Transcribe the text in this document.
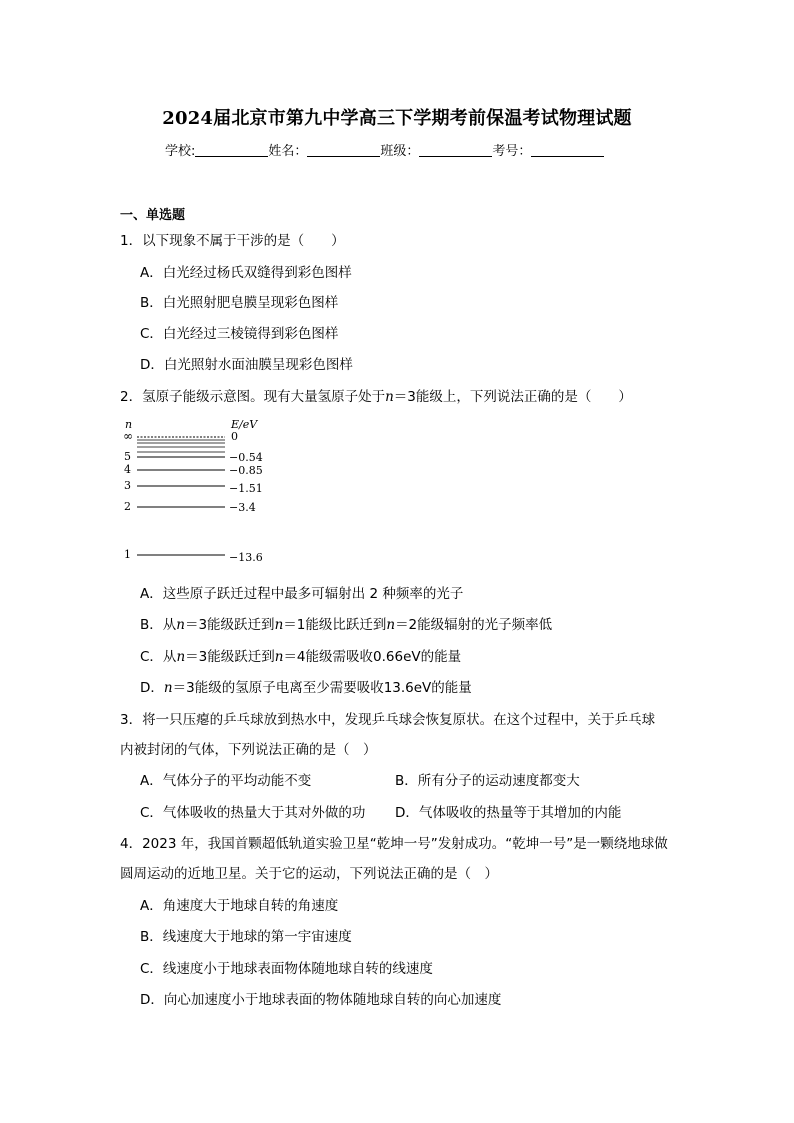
2024届北京市第九中学高三下学期考前保温考试物理试题
学校:	姓名：	班级：	考号：
一、单选题
1．以下现象不属于干涉的是（　　）
A．白光经过杨氏双缝得到彩色图样
B．白光照射肥皂膜呈现彩色图样
C．白光经过三棱镜得到彩色图样
D．白光照射水面油膜呈现彩色图样
2．氢原子能级示意图。现有大量氢原子处于n＝3能级上，下列说法正确的是（　　）
n	E/eV
∞	0
5	−0.54
4	−0.85
3	−1.51
2	−3.4
1	−13.6
A．这些原子跃迁过程中最多可辐射出 2 种频率的光子
B．从n＝3能级跃迁到n＝1能级比跃迁到n＝2能级辐射的光子频率低
C．从n＝3能级跃迁到n＝4能级需吸收0.66eV的能量
D．n＝3能级的氢原子电离至少需要吸收13.6eV的能量
3．将一只压瘪的乒乓球放到热水中，发现乒乓球会恢复原状。在这个过程中，关于乒乓球
内被封闭的气体，下列说法正确的是（　）
A．气体分子的平均动能不变	B．所有分子的运动速度都变大
C．气体吸收的热量大于其对外做的功 D．气体吸收的热量等于其增加的内能
4．2023 年，我国首颗超低轨道实验卫星“乾坤一号”发射成功。“乾坤一号”是一颗绕地球做
圆周运动的近地卫星。关于它的运动，下列说法正确的是（　）
A．角速度大于地球自转的角速度
B．线速度大于地球的第一宇宙速度
C．线速度小于地球表面物体随地球自转的线速度
D．向心加速度小于地球表面的物体随地球自转的向心加速度
